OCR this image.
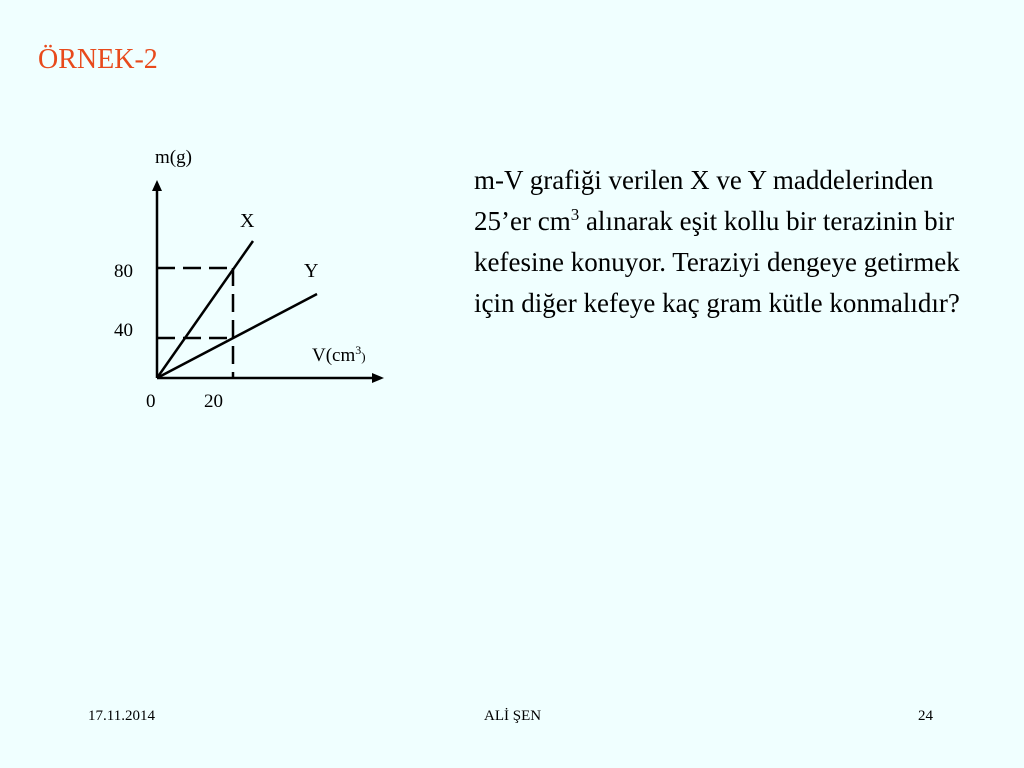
ÖRNEK-2
m(g)
X
Y
80
40
0	20
$V(cm^3_)$
m-V grafiği verilen X ve Y maddelerinden 25’er $cm^3$ alınarak eşit kollu bir terazinin bir kefesine konuyor. Teraziyi dengeye getirmek için diğer kefeye kaç gram kütle konmalıdır?
17.11.2014	ALİ ŞEN	24
